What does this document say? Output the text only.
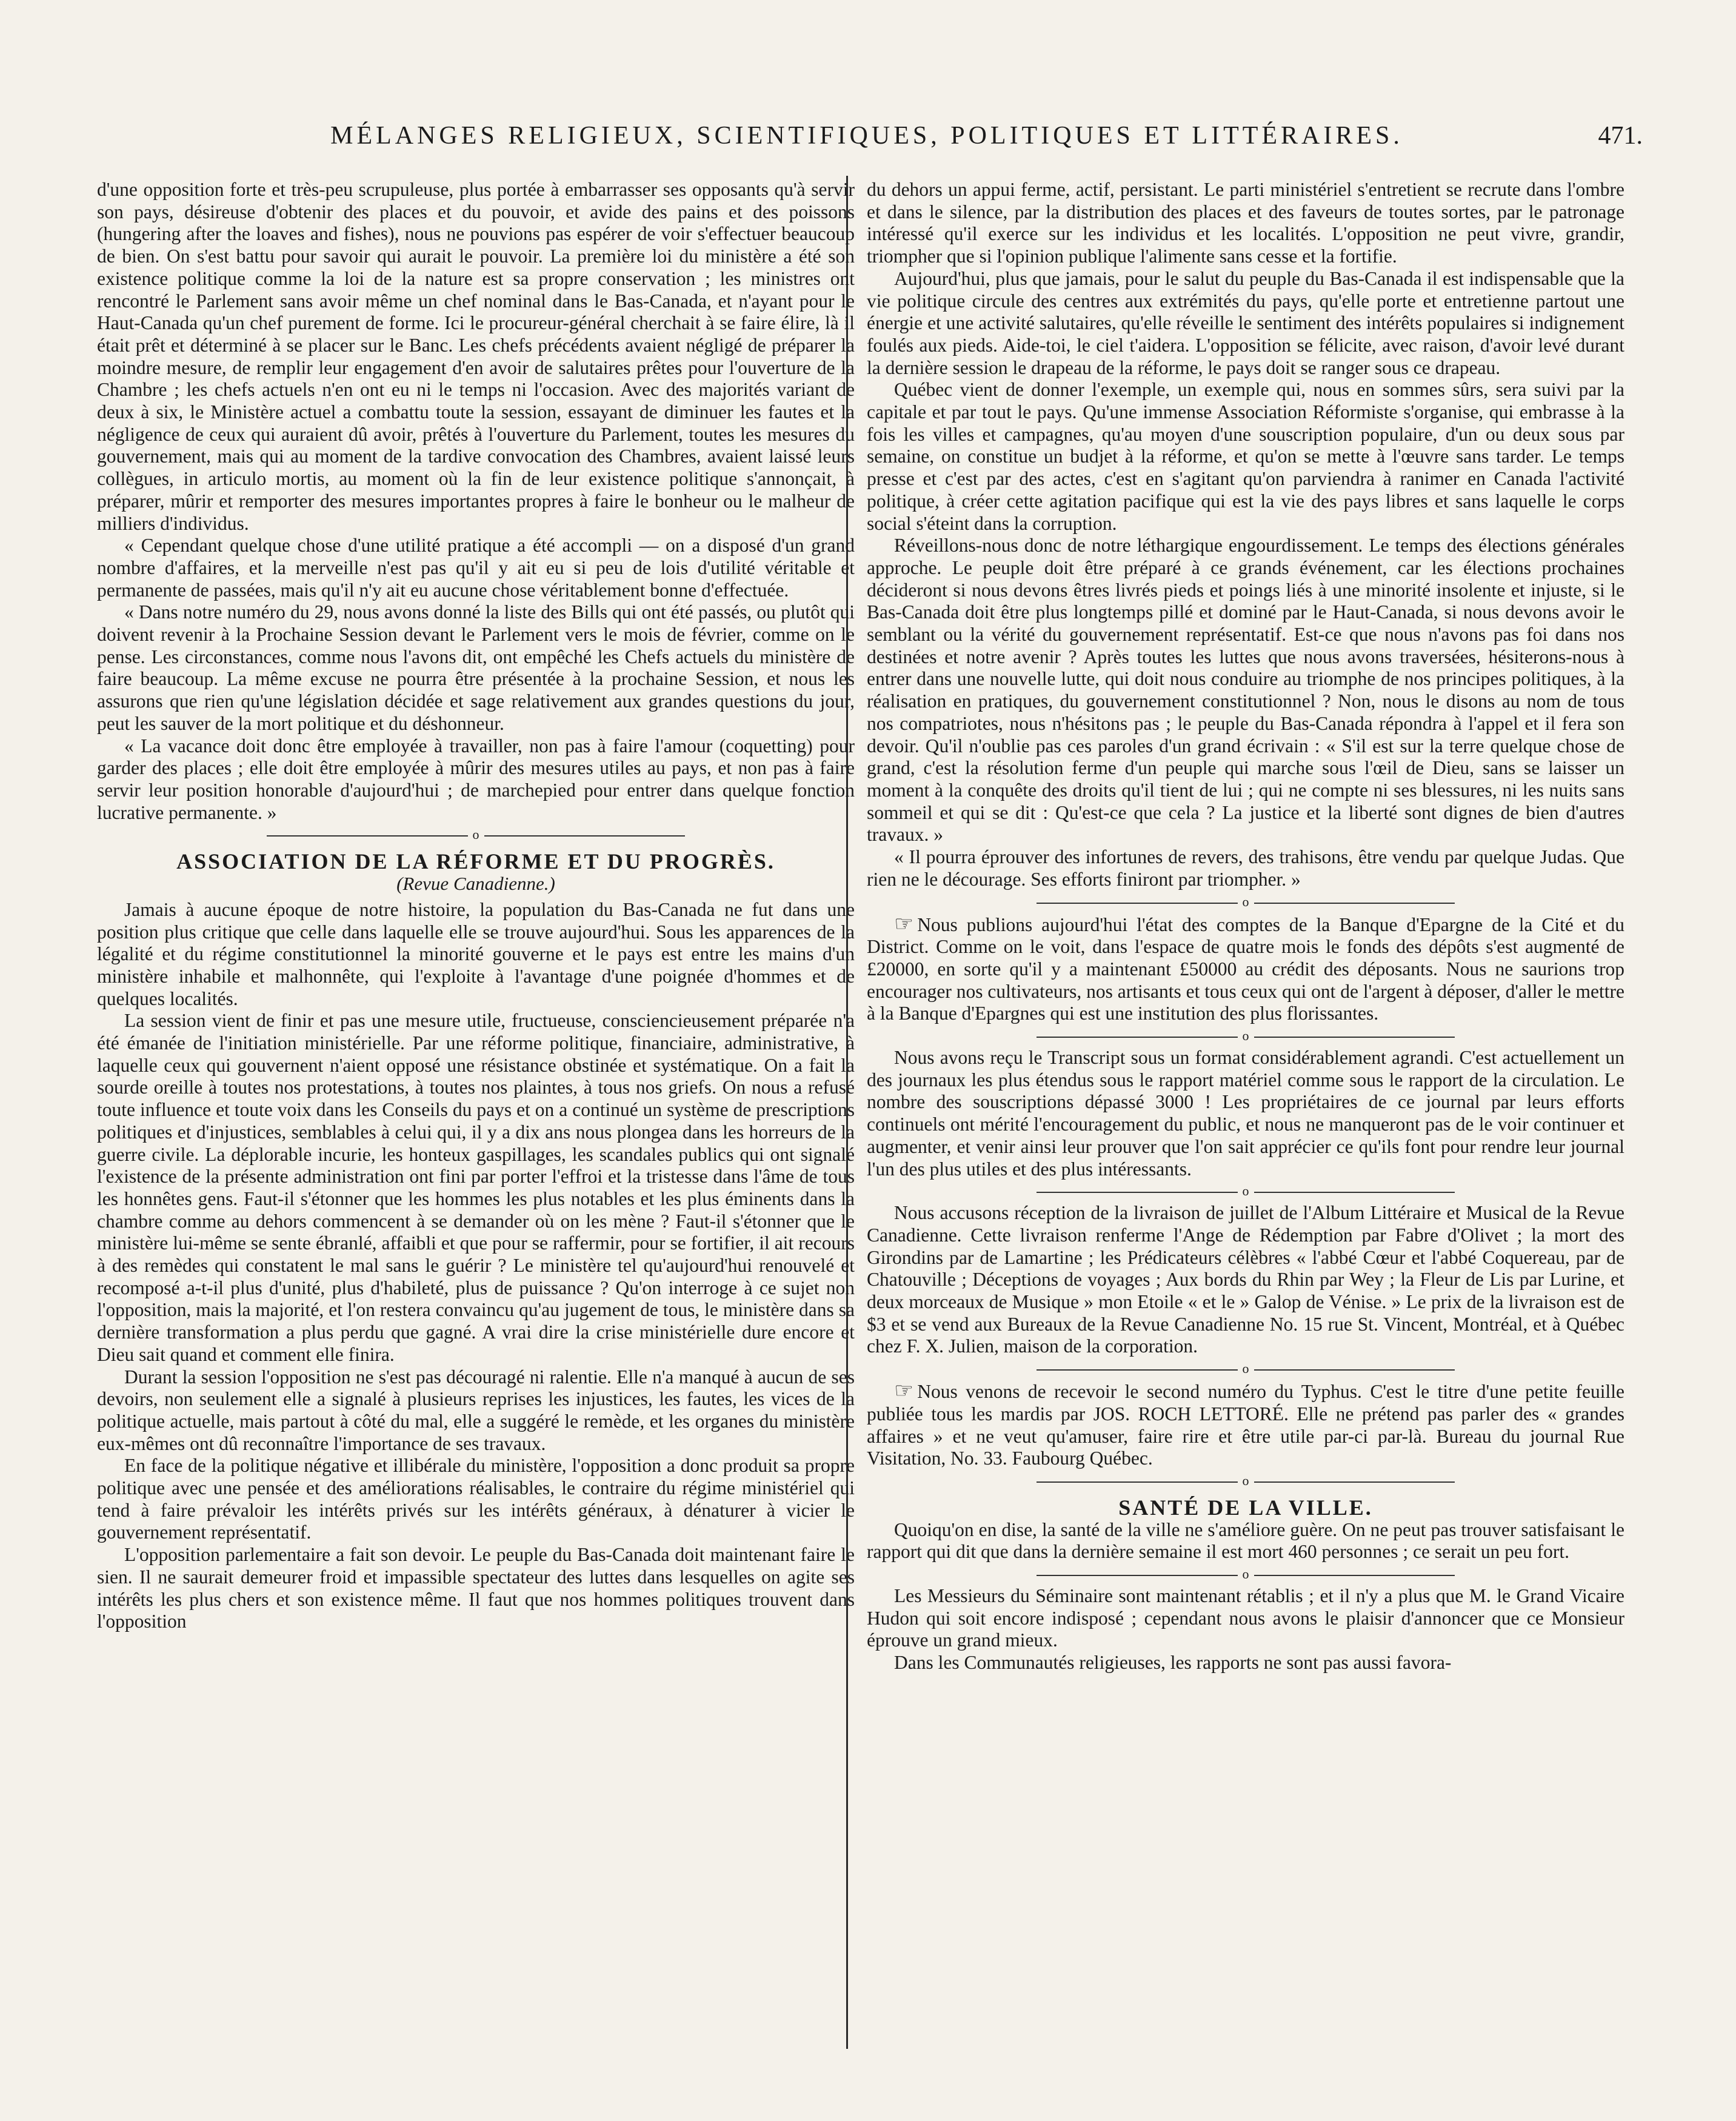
MÉLANGES RELIGIEUX, SCIENTIFIQUES, POLITIQUES ET LITTÉRAIRES.	471.

d'une opposition forte et très-peu scrupuleuse, plus portée à embarrasser ses opposants qu'à servir son pays, désireuse d'obtenir des places et du pouvoir, et avide des pains et des poissons (hungering after the loaves and fishes), nous ne pouvions pas espérer de voir s'effectuer beaucoup de bien. On s'est battu pour savoir qui aurait le pouvoir. La première loi du ministère a été son existence politique comme la loi de la nature est sa propre conservation ; les ministres ont rencontré le Parlement sans avoir même un chef nominal dans le Bas-Canada, et n'ayant pour le Haut-Canada qu'un chef purement de forme. Ici le procureur-général cherchait à se faire élire, là il était prêt et déterminé à se placer sur le Banc. Les chefs précédents avaient négligé de préparer la moindre mesure, de remplir leur engagement d'en avoir de salutaires prêtes pour l'ouverture de la Chambre ; les chefs actuels n'en ont eu ni le temps ni l'occasion. Avec des majorités variant de deux à six, le Ministère actuel a combattu toute la session, essayant de diminuer les fautes et la négligence de ceux qui auraient dû avoir, prêtés à l'ouverture du Parlement, toutes les mesures du gouvernement, mais qui au moment de la tardive convocation des Chambres, avaient laissé leurs collègues, in articulo mortis, au moment où la fin de leur existence politique s'annonçait, à préparer, mûrir et remporter des mesures importantes propres à faire le bonheur ou le malheur de milliers d'individus.

« Cependant quelque chose d'une utilité pratique a été accompli — on a disposé d'un grand nombre d'affaires, et la merveille n'est pas qu'il y ait eu si peu de lois d'utilité véritable et permanente de passées, mais qu'il n'y ait eu aucune chose véritablement bonne d'effectuée.

« Dans notre numéro du 29, nous avons donné la liste des Bills qui ont été passés, ou plutôt qui doivent revenir à la Prochaine Session devant le Parlement vers le mois de février, comme on le pense. Les circonstances, comme nous l'avons dit, ont empêché les Chefs actuels du ministère de faire beaucoup. La même excuse ne pourra être présentée à la prochaine Session, et nous les assurons que rien qu'une législation décidée et sage relativement aux grandes questions du jour, peut les sauver de la mort politique et du déshonneur.

« La vacance doit donc être employée à travailler, non pas à faire l'amour (coquetting) pour garder des places ; elle doit être employée à mûrir des mesures utiles au pays, et non pas à faire servir leur position honorable d'aujourd'hui ; de marchepied pour entrer dans quelque fonction lucrative permanente. »

o
ASSOCIATION DE LA RÉFORME ET DU PROGRÈS.
(Revue Canadienne.)

Jamais à aucune époque de notre histoire, la population du Bas-Canada ne fut dans une position plus critique que celle dans laquelle elle se trouve aujourd'hui. Sous les apparences de la légalité et du régime constitutionnel la minorité gouverne et le pays est entre les mains d'un ministère inhabile et malhonnête, qui l'exploite à l'avantage d'une poignée d'hommes et de quelques localités.

La session vient de finir et pas une mesure utile, fructueuse, consciencieusement préparée n'a été émanée de l'initiation ministérielle. Par une réforme politique, financiaire, administrative, à laquelle ceux qui gouvernent n'aient opposé une résistance obstinée et systématique. On a fait la sourde oreille à toutes nos protestations, à toutes nos plaintes, à tous nos griefs. On nous a refusé toute influence et toute voix dans les Conseils du pays et on a continué un système de prescriptions politiques et d'injustices, semblables à celui qui, il y a dix ans nous plongea dans les horreurs de la guerre civile. La déplorable incurie, les honteux gaspillages, les scandales publics qui ont signalé l'existence de la présente administration ont fini par porter l'effroi et la tristesse dans l'âme de tous les honnêtes gens. Faut-il s'étonner que les hommes les plus notables et les plus éminents dans la chambre comme au dehors commencent à se demander où on les mène ? Faut-il s'étonner que le ministère lui-même se sente ébranlé, affaibli et que pour se raffermir, pour se fortifier, il ait recours à des remèdes qui constatent le mal sans le guérir ? Le ministère tel qu'aujourd'hui renouvelé et recomposé a-t-il plus d'unité, plus d'habileté, plus de puissance ? Qu'on interroge à ce sujet non l'opposition, mais la majorité, et l'on restera convaincu qu'au jugement de tous, le ministère dans sa dernière transformation a plus perdu que gagné. A vrai dire la crise ministérielle dure encore et Dieu sait quand et comment elle finira.

Durant la session l'opposition ne s'est pas découragé ni ralentie. Elle n'a manqué à aucun de ses devoirs, non seulement elle a signalé à plusieurs reprises les injustices, les fautes, les vices de la politique actuelle, mais partout à côté du mal, elle a suggéré le remède, et les organes du ministère eux-mêmes ont dû reconnaître l'importance de ses travaux.

En face de la politique négative et illibérale du ministère, l'opposition a donc produit sa propre politique avec une pensée et des améliorations réalisables, le contraire du régime ministériel qui tend à faire prévaloir les intérêts privés sur les intérêts généraux, à dénaturer à vicier le gouvernement représentatif.

L'opposition parlementaire a fait son devoir. Le peuple du Bas-Canada doit maintenant faire le sien. Il ne saurait demeurer froid et impassible spectateur des luttes dans lesquelles on agite ses intérêts les plus chers et son existence même. Il faut que nos hommes politiques trouvent dans l'opposition

du dehors un appui ferme, actif, persistant. Le parti ministériel s'entretient se recrute dans l'ombre et dans le silence, par la distribution des places et des faveurs de toutes sortes, par le patronage intéressé qu'il exerce sur les individus et les localités. L'opposition ne peut vivre, grandir, triompher que si l'opinion publique l'alimente sans cesse et la fortifie.

Aujourd'hui, plus que jamais, pour le salut du peuple du Bas-Canada il est indispensable que la vie politique circule des centres aux extrémités du pays, qu'elle porte et entretienne partout une énergie et une activité salutaires, qu'elle réveille le sentiment des intérêts populaires si indignement foulés aux pieds. Aide-toi, le ciel t'aidera. L'opposition se félicite, avec raison, d'avoir levé durant la dernière session le drapeau de la réforme, le pays doit se ranger sous ce drapeau.

Québec vient de donner l'exemple, un exemple qui, nous en sommes sûrs, sera suivi par la capitale et par tout le pays. Qu'une immense Association Réformiste s'organise, qui embrasse à la fois les villes et campagnes, qu'au moyen d'une souscription populaire, d'un ou deux sous par semaine, on constitue un budjet à la réforme, et qu'on se mette à l'œuvre sans tarder. Le temps presse et c'est par des actes, c'est en s'agitant qu'on parviendra à ranimer en Canada l'activité politique, à créer cette agitation pacifique qui est la vie des pays libres et sans laquelle le corps social s'éteint dans la corruption.

Réveillons-nous donc de notre léthargique engourdissement. Le temps des élections générales approche. Le peuple doit être préparé à ce grands événement, car les élections prochaines décideront si nous devons êtres livrés pieds et poings liés à une minorité insolente et injuste, si le Bas-Canada doit être plus longtemps pillé et dominé par le Haut-Canada, si nous devons avoir le semblant ou la vérité du gouvernement représentatif. Est-ce que nous n'avons pas foi dans nos destinées et notre avenir ? Après toutes les luttes que nous avons traversées, hésiterons-nous à entrer dans une nouvelle lutte, qui doit nous conduire au triomphe de nos principes politiques, à la réalisation en pratiques, du gouvernement constitutionnel ? Non, nous le disons au nom de tous nos compatriotes, nous n'hésitons pas ; le peuple du Bas-Canada répondra à l'appel et il fera son devoir. Qu'il n'oublie pas ces paroles d'un grand écrivain : « S'il est sur la terre quelque chose de grand, c'est la résolution ferme d'un peuple qui marche sous l'œil de Dieu, sans se laisser un moment à la conquête des droits qu'il tient de lui ; qui ne compte ni ses blessures, ni les nuits sans sommeil et qui se dit : Qu'est-ce que cela ? La justice et la liberté sont dignes de bien d'autres travaux. »

« Il pourra éprouver des infortunes de revers, des trahisons, être vendu par quelque Judas. Que rien ne le décourage. Ses efforts finiront par triompher. »

o

☞ Nous publions aujourd'hui l'état des comptes de la Banque d'Epargne de la Cité et du District. Comme on le voit, dans l'espace de quatre mois le fonds des dépôts s'est augmenté de £20000, en sorte qu'il y a maintenant £50000 au crédit des déposants. Nous ne saurions trop encourager nos cultivateurs, nos artisants et tous ceux qui ont de l'argent à déposer, d'aller le mettre à la Banque d'Epargnes qui est une institution des plus florissantes.

o

Nous avons reçu le Transcript sous un format considérablement agrandi. C'est actuellement un des journaux les plus étendus sous le rapport matériel comme sous le rapport de la circulation. Le nombre des souscriptions dépassé 3000 ! Les propriétaires de ce journal par leurs efforts continuels ont mérité l'encouragement du public, et nous ne manqueront pas de le voir continuer et augmenter, et venir ainsi leur prouver que l'on sait apprécier ce qu'ils font pour rendre leur journal l'un des plus utiles et des plus intéressants.

o

Nous accusons réception de la livraison de juillet de l'Album Littéraire et Musical de la Revue Canadienne. Cette livraison renferme l'Ange de Rédemption par Fabre d'Olivet ; la mort des Girondins par de Lamartine ; les Prédicateurs célèbres « l'abbé Cœur et l'abbé Coquereau, par de Chatouville ; Déceptions de voyages ; Aux bords du Rhin par Wey ; la Fleur de Lis par Lurine, et deux morceaux de Musique » mon Etoile « et le » Galop de Vénise. » Le prix de la livraison est de $3 et se vend aux Bureaux de la Revue Canadienne No. 15 rue St. Vincent, Montréal, et à Québec chez F. X. Julien, maison de la corporation.

o

☞ Nous venons de recevoir le second numéro du Typhus. C'est le titre d'une petite feuille publiée tous les mardis par JOS. ROCH LETTORÉ. Elle ne prétend pas parler des « grandes affaires » et ne veut qu'amuser, faire rire et être utile par-ci par-là. Bureau du journal Rue Visitation, No. 33. Faubourg Québec.

o
SANTÉ DE LA VILLE.

Quoiqu'on en dise, la santé de la ville ne s'améliore guère. On ne peut pas trouver satisfaisant le rapport qui dit que dans la dernière semaine il est mort 460 personnes ; ce serait un peu fort.

o

Les Messieurs du Séminaire sont maintenant rétablis ; et il n'y a plus que M. le Grand Vicaire Hudon qui soit encore indisposé ; cependant nous avons le plaisir d'annoncer que ce Monsieur éprouve un grand mieux.

Dans les Communautés religieuses, les rapports ne sont pas aussi favora-
